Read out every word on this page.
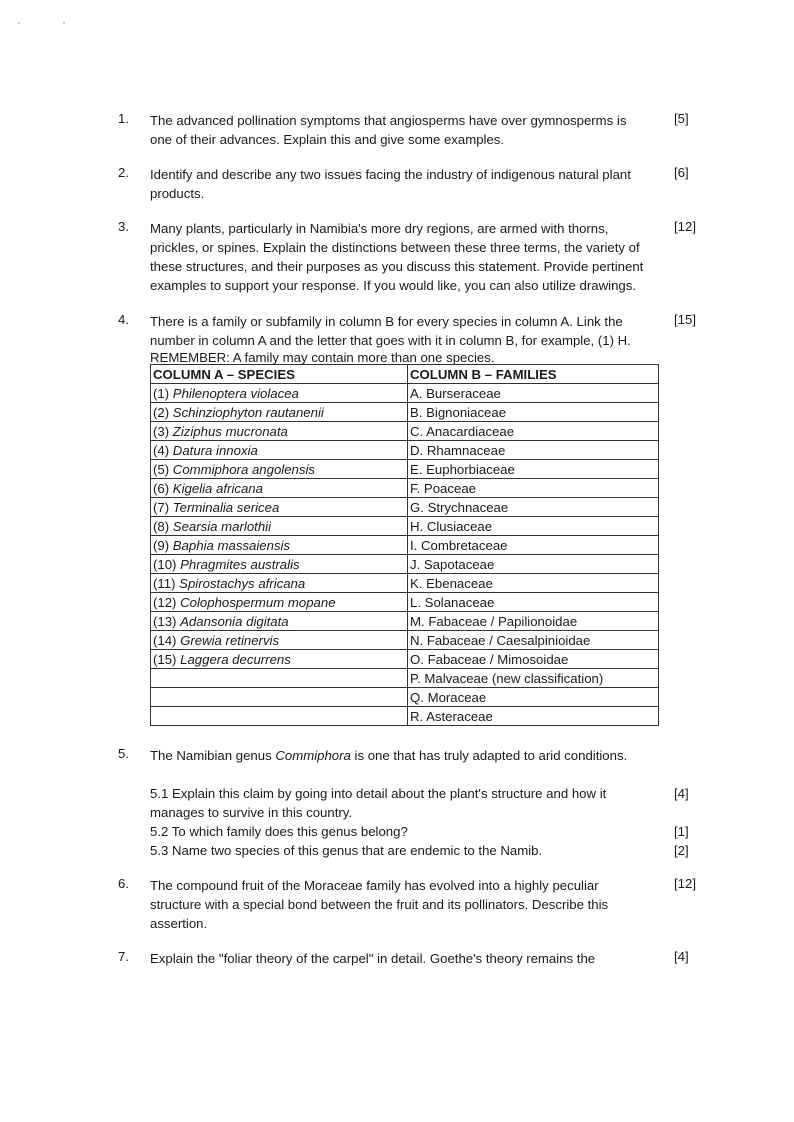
1. The advanced pollination symptoms that angiosperms have over gymnosperms is
one of their advances. Explain this and give some examples.
[5]
2. Identify and describe any two issues facing the industry of indigenous natural plant
products.
[6]
3. Many plants, particularly in Namibia's more dry regions, are armed with thorns,
prickles, or spines. Explain the distinctions between these three terms, the variety of
these structures, and their purposes as you discuss this statement. Provide pertinent
examples to support your response. If you would like, you can also utilize drawings.
[12]
4. There is a family or subfamily in column B for every species in column A. Link the
number in column A and the letter that goes with it in column B, for example, (1) H.
REMEMBER: A family may contain more than one species.
[15]
COLUMN A – SPECIES	COLUMN B – FAMILIES
(1) Philenoptera violacea	A. Burseraceae
(2) Schinziophyton rautanenii	B. Bignoniaceae
(3) Ziziphus mucronata	C. Anacardiaceae
(4) Datura innoxia	D. Rhamnaceae
(5) Commiphora angolensis	E. Euphorbiaceae
(6) Kigelia africana	F. Poaceae
(7) Terminalia sericea	G. Strychnaceae
(8) Searsia marlothii	H. Clusiaceae
(9) Baphia massaiensis	I. Combretaceae
(10) Phragmites australis	J. Sapotaceae
(11) Spirostachys africana	K. Ebenaceae
(12) Colophospermum mopane	L. Solanaceae
(13) Adansonia digitata	M. Fabaceae / Papilionoidae
(14) Grewia retinervis	N. Fabaceae / Caesalpinioidae
(15) Laggera decurrens	O. Fabaceae / Mimosoidae
	P. Malvaceae (new classification)
	Q. Moraceae
	R. Asteraceae
5. The Namibian genus Commiphora is one that has truly adapted to arid conditions.
5.1 Explain this claim by going into detail about the plant's structure and how it
manages to survive in this country.
[4]
5.2 To which family does this genus belong?	[1]
5.3 Name two species of this genus that are endemic to the Namib.	[2]
6. The compound fruit of the Moraceae family has evolved into a highly peculiar
structure with a special bond between the fruit and its pollinators. Describe this
assertion.
[12]
7. Explain the "foliar theory of the carpel" in detail. Goethe's theory remains the	[4]
